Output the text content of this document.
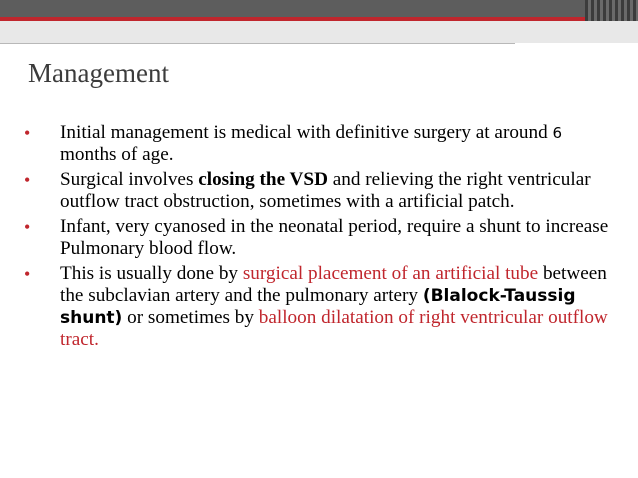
Management
• Initial management is medical with definitive surgery at around 6 months of age.
• Surgical involves closing the VSD and relieving the right ventricular outflow tract obstruction, sometimes with a artificial patch.
• Infant, very cyanosed in the neonatal period, require a shunt to increase Pulmonary blood flow.
• This is usually done by surgical placement of an artificial tube between the subclavian artery and the pulmonary artery (Blalock-Taussig shunt) or sometimes by balloon dilatation of right ventricular outflow tract.
